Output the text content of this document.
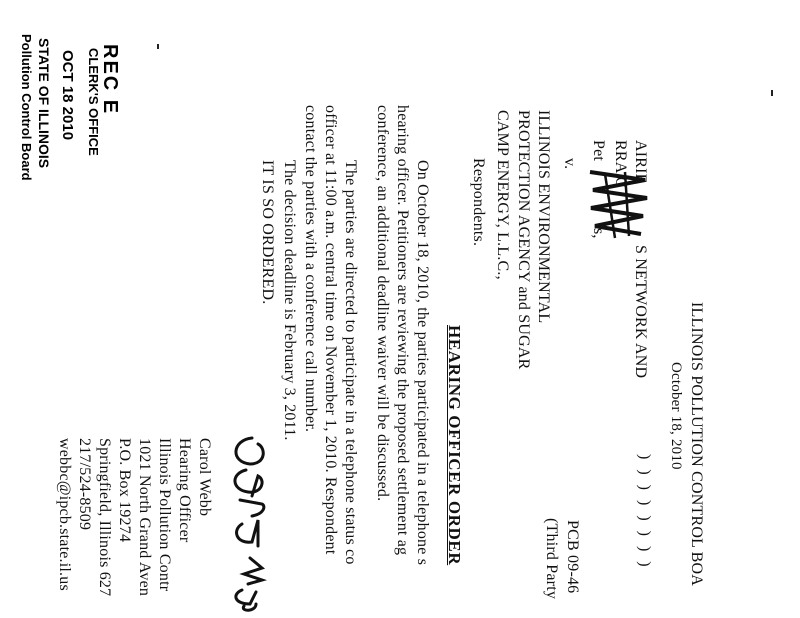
REC E
CLERK'S OFFICE
OCT 18 2010
STATE OF ILLINOIS
Pollution Control Board
ILLINOIS POLLUTION CONTROL BOA
October 18, 2010
AIRIE
S NETWORK AND
RRA C
Pet
s,
v.
ILLINOIS ENVIRONMENTAL
PROTECTION AGENCY and SUGAR
CAMP ENERGY, L.L.C.,
Respondents.
) ) ) ) ) ) ) )
PCB 09-46
(Third Party
HEARING OFFICER ORDER
On October 18, 2010, the parties participated in a telephone s
hearing officer. Petitioners are reviewing the proposed settlement ag
conference, an additional deadline waiver will be discussed.
The parties are directed to participate in a telephone status co
officer at 11:00 a.m. central time on November 1, 2010. Respondent
contact the parties with a conference call number.
The decision deadline is February 3, 2011.
IT IS SO ORDERED.
Carol Webb
Hearing Officer
Illinois Pollution Contr
1021 North Grand Aven
P.O. Box 19274
Springfield, Illinois 627
217/524-8509
webbc@ipcb.state.il.us
